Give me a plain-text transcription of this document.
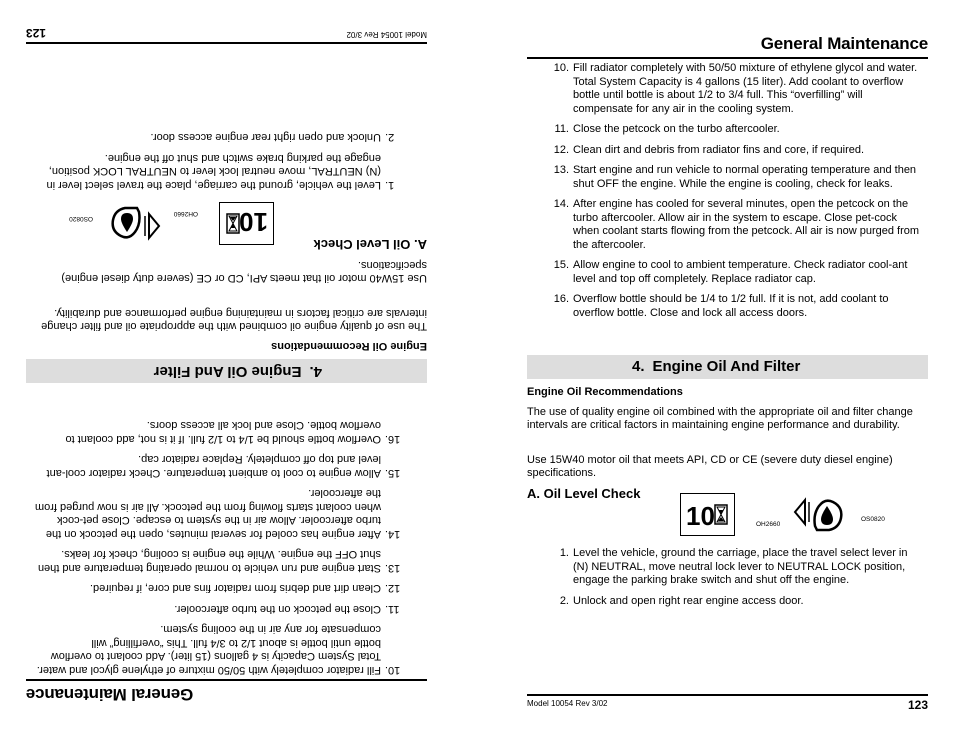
General Maintenance
10.
Fill radiator completely with 50/50 mixture of ethylene glycol and water. Total System Capacity is 4 gallons (15 liter). Add coolant to overflow bottle until bottle is about 1/2 to 3/4 full. This “overfilling” will compensate for any air in the cooling system.
11.
Close the petcock on the turbo aftercooler.
12.
Clean dirt and debris from radiator fins and core, if required.
13.
Start engine and run vehicle to normal operating temperature and then shut OFF the engine. While the engine is cooling, check for leaks.
14.
After engine has cooled for several minutes, open the petcock on the turbo aftercooler. Allow air in the system to escape. Close pet-cock when coolant starts flowing from the petcock. All air is now purged from the aftercooler.
15.
Allow engine to cool to ambient temperature. Check radiator cool-ant level and top off completely. Replace radiator cap.
16.
Overflow bottle should be 1/4 to 1/2 full. If it is not, add coolant to overflow bottle. Close and lock all access doors.
4.Engine Oil And Filter
Engine Oil Recommendations
The use of quality engine oil combined with the appropriate oil and filter change intervals are critical factors in maintaining engine performance and durability.
Use 15W40 motor oil that meets API, CD or CE (severe duty diesel engine) specifications.
A. Oil Level Check
10
OH2660
OS0820
1.
Level the vehicle, ground the carriage, place the travel select lever in (N) NEUTRAL, move neutral lock lever to NEUTRAL LOCK position, engage the parking brake switch and shut off the engine.
2.
Unlock and open right rear engine access door.
Model 10054 Rev 3/02
123
General Maintenance
10. Fill radiator completely with 50/50 mixture of ethylene glycol and water. Total System Capacity is 4 gallons (15 liter). Add coolant to overflow bottle until bottle is about 1/2 to 3/4 full. This “overfilling” will compensate for any air in the cooling system.
11. Close the petcock on the turbo aftercooler.
12. Clean dirt and debris from radiator fins and core, if required.
13. Start engine and run vehicle to normal operating temperature and then shut OFF the engine. While the engine is cooling, check for leaks.
14. After engine has cooled for several minutes, open the petcock on the turbo aftercooler. Allow air in the system to escape. Close pet-cock when coolant starts flowing from the petcock. All air is now purged from the aftercooler.
15. Allow engine to cool to ambient temperature. Check radiator cool-ant level and top off completely. Replace radiator cap.
16. Overflow bottle should be 1/4 to 1/2 full. If it is not, add coolant to overflow bottle. Close and lock all access doors.
4. Engine Oil And Filter
Engine Oil Recommendations
The use of quality engine oil combined with the appropriate oil and filter change intervals are critical factors in maintaining engine performance and durability.
Use 15W40 motor oil that meets API, CD or CE (severe duty diesel engine) specifications.
A. Oil Level Check
10	OH2660
OS0820
1. Level the vehicle, ground the carriage, place the travel select lever in (N) NEUTRAL, move neutral lock lever to NEUTRAL LOCK position, engage the parking brake switch and shut off the engine.
2. Unlock and open right rear engine access door.
Model 10054 Rev 3/02	123
